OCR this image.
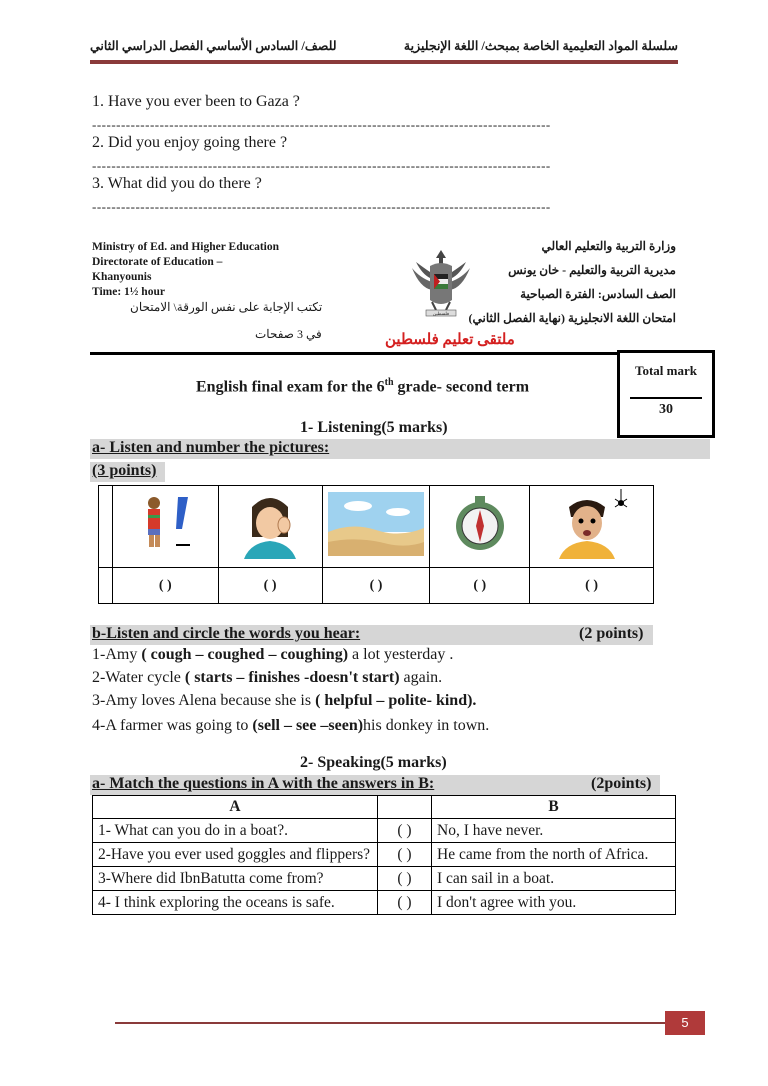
سلسلة المواد التعليمية الخاصة بمبحث/ اللغة الإنجليزية
للصف/ السادس الأساسي الفصل الدراسي الثاني
1. Have you ever been to Gaza ?
-----------------------------------------------------------------------------------------------
2. Did you enjoy going there ?
-----------------------------------------------------------------------------------------------
3. What did you do there ?
-----------------------------------------------------------------------------------------------
Ministry of Ed. and Higher Education
Directorate of Education –
Khanyounis
Time: 1½ hour
تكتب الإجابة على نفس الورقة\ الامتحان
في 3 صفحات
فلسطين
ملتقى تعليم فلسطين
وزارة التربية والتعليم العالي
مديرية التربية والتعليم - خان يونس
الصف السادس: الفترة الصباحية
امتحان اللغة الانجليزية (نهاية الفصل الثاني)
Total mark
30
English final exam for the 6th grade- second term
1- Listening(5 marks)
a- Listen and number the pictures:
(3 points)

	( )	( )	( )	( )	( )
b-Listen and circle the words you hear:	(2 points)
1-Amy ( cough – coughed – coughing) a lot yesterday .
2-Water cycle ( starts – finishes -doesn't start) again.
3-Amy loves Alena because she is ( helpful – polite- kind).
4-A farmer was going to (sell – see –seen)his donkey in town.
2- Speaking(5 marks)
a- Match the questions in A with the answers in B:	(2points)
A		B
1- What can you do in a boat?.	( )	No, I have never.
2-Have you ever used goggles and flippers?	( )	He came from the north of Africa.
3-Where did IbnBatutta come from?	( )	I can sail in a boat.
4- I think exploring the oceans is safe.	( )	I don't agree with you.
5
